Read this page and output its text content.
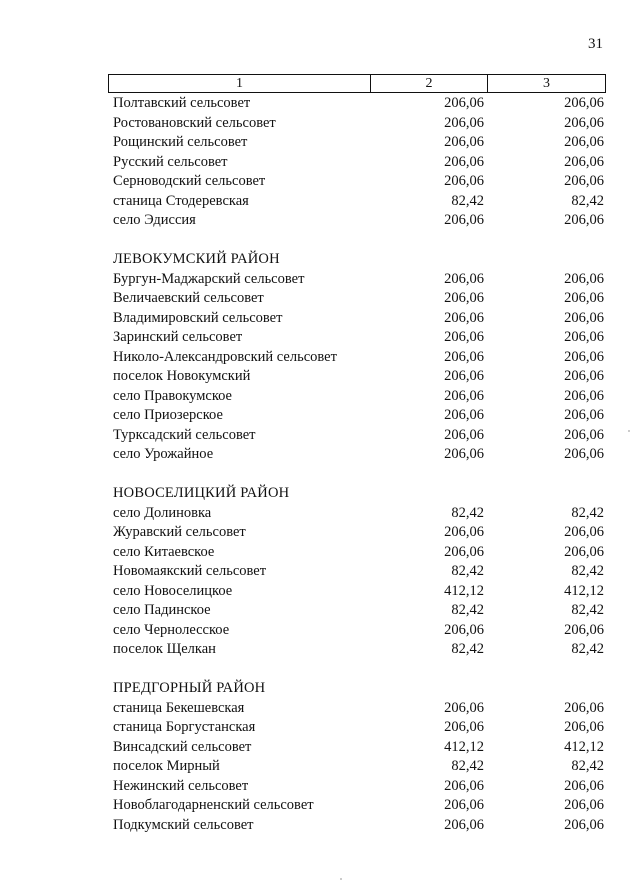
31
1	2	3
Полтавский сельсовет	206,06	206,06
Ростовановский сельсовет	206,06	206,06
Рощинский сельсовет	206,06	206,06
Русский сельсовет	206,06	206,06
Серноводский сельсовет	206,06	206,06
станица Стодеревская	82,42	82,42
село Эдиссия	206,06	206,06
ЛЕВОКУМСКИЙ РАЙОН
Бургун-Маджарский сельсовет	206,06	206,06
Величаевский сельсовет	206,06	206,06
Владимировский сельсовет	206,06	206,06
Заринский сельсовет	206,06	206,06
Николо-Александровский сельсовет	206,06	206,06
поселок Новокумский	206,06	206,06
село Правокумское	206,06	206,06
село Приозерское	206,06	206,06
Турксадский сельсовет	206,06	206,06
село Урожайное	206,06	206,06
НОВОСЕЛИЦКИЙ РАЙОН
село Долиновка	82,42	82,42
Журавский сельсовет	206,06	206,06
село Китаевское	206,06	206,06
Новомаякский сельсовет	82,42	82,42
село Новоселицкое	412,12	412,12
село Падинское	82,42	82,42
село Чернолесское	206,06	206,06
поселок Щелкан	82,42	82,42
ПРЕДГОРНЫЙ РАЙОН
станица Бекешевская	206,06	206,06
станица Боргустанская	206,06	206,06
Винсадский сельсовет	412,12	412,12
поселок Мирный	82,42	82,42
Нежинский сельсовет	206,06	206,06
Новоблагодарненский сельсовет	206,06	206,06
Подкумский сельсовет	206,06	206,06
